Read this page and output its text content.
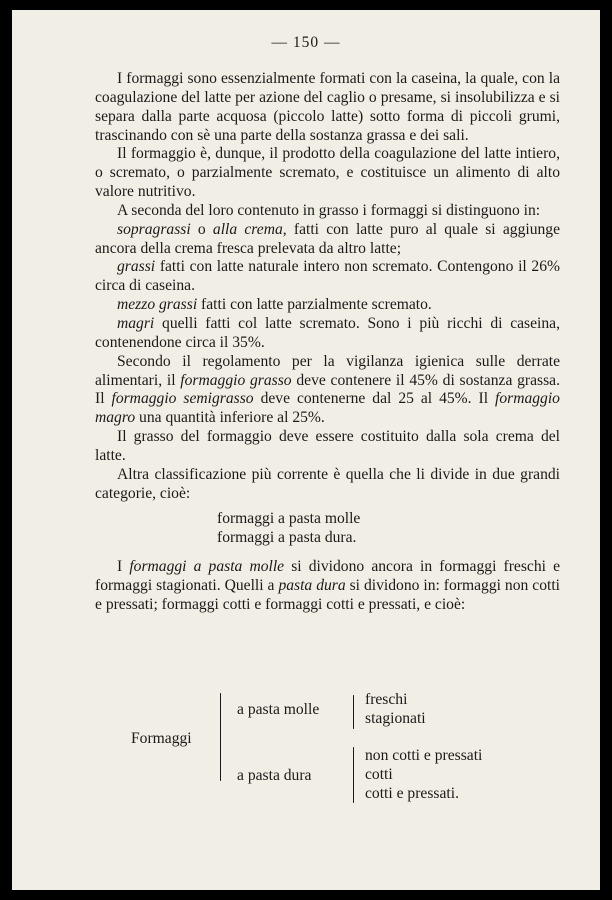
— 150 —
I formaggi sono essenzialmente formati con la caseina, la quale, con la coagulazione del latte per azione del caglio o presame, si insolubilizza e si separa dalla parte acquosa (piccolo latte) sotto forma di piccoli grumi, trascinando con sè una parte della sostanza grassa e dei sali.
Il formaggio è, dunque, il prodotto della coagulazione del latte intiero, o scremato, o parzialmente scremato, e costituisce un alimento di alto valore nutritivo.
A seconda del loro contenuto in grasso i formaggi si distinguono in:
sopragrassi o alla crema, fatti con latte puro al quale si aggiunge ancora della crema fresca prelevata da altro latte;
grassi fatti con latte naturale intero non scremato. Contengono il 26% circa di caseina.
mezzo grassi fatti con latte parzialmente scremato.
magri quelli fatti col latte scremato. Sono i più ricchi di caseina, contenendone circa il 35%.
Secondo il regolamento per la vigilanza igienica sulle derrate alimentari, il formaggio grasso deve contenere il 45% di sostanza grassa. Il formaggio semigrasso deve contenerne dal 25 al 45%. Il formaggio magro una quantità inferiore al 25%.
Il grasso del formaggio deve essere costituito dalla sola crema del latte.
Altra classificazione più corrente è quella che li divide in due grandi categorie, cioè:
formaggi a pasta molle
formaggi a pasta dura.
I formaggi a pasta molle si dividono ancora in formaggi freschi e formaggi stagionati. Quelli a pasta dura si dividono in: formaggi non cotti e pressati; formaggi cotti e formaggi cotti e pressati, e cioè:
Formaggi
a pasta molle
freschi
stagionati
a pasta dura
non cotti e pressati
cotti
cotti e pressati.
